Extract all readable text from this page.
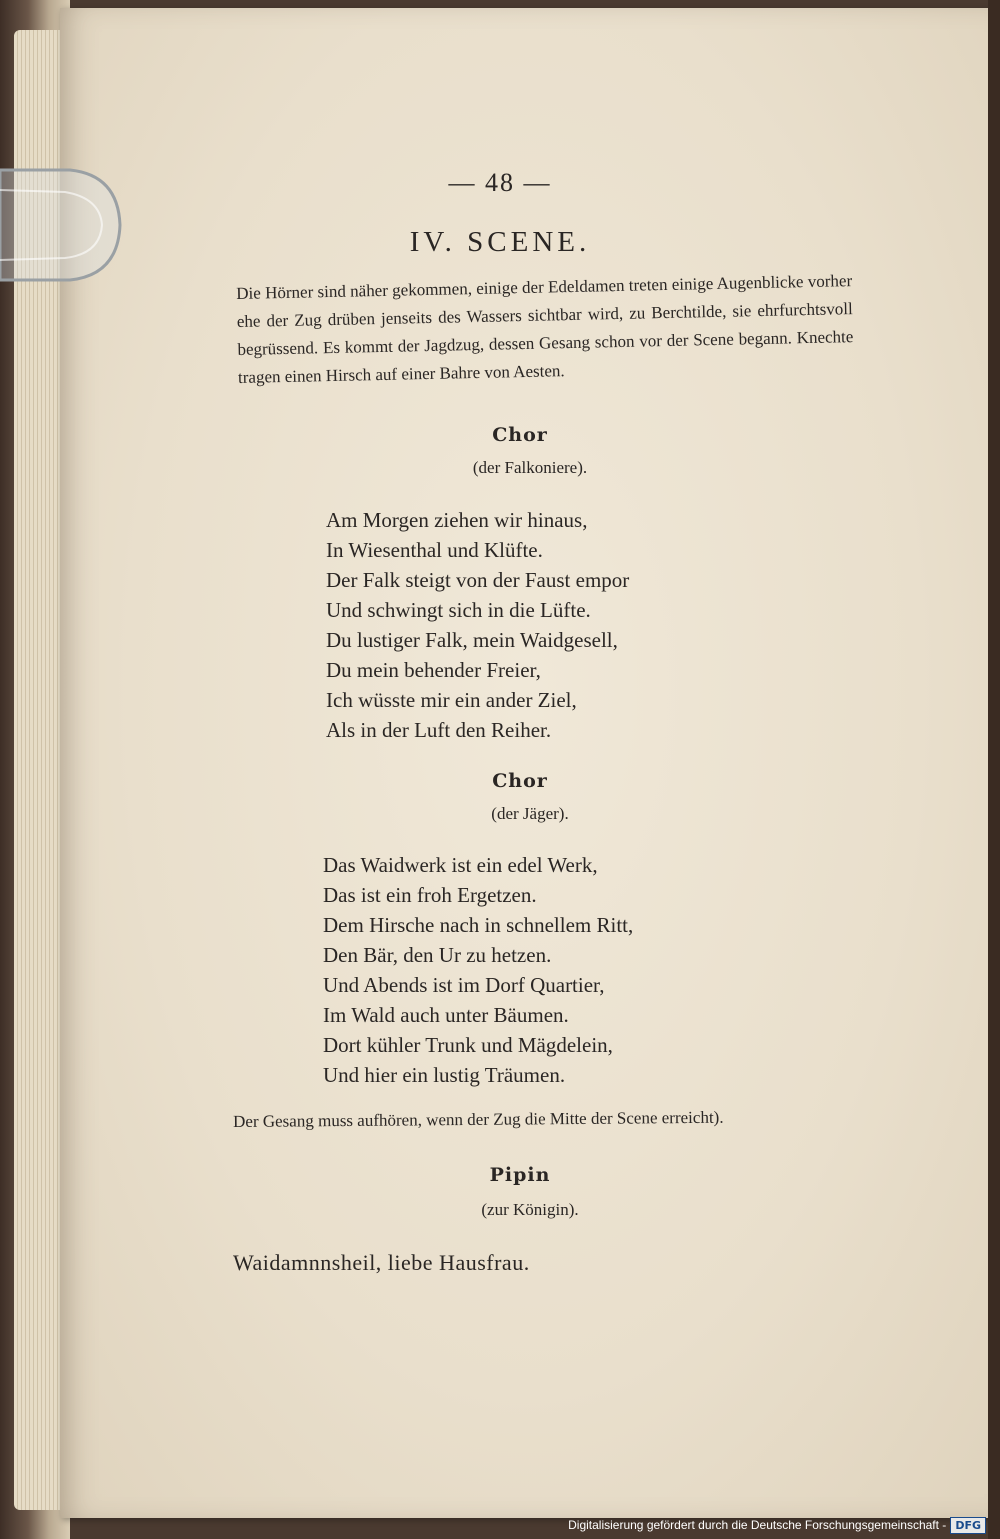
— 48 —
IV. SCENE.
Die Hörner sind näher gekommen, einige der Edeldamen treten einige Augenblicke vorher ehe der Zug drüben jenseits des Wassers sichtbar wird, zu Berchtilde, sie ehrfurchtsvoll begrüssend. Es kommt der Jagdzug, dessen Gesang schon vor der Scene begann. Knechte tragen einen Hirsch auf einer Bahre von Aesten.
Chor
(der Falkoniere).
Am Morgen ziehen wir hinaus,
In Wiesenthal und Klüfte.
Der Falk steigt von der Faust empor
Und schwingt sich in die Lüfte.
Du lustiger Falk, mein Waidgesell,
Du mein behender Freier,
Ich wüsste mir ein ander Ziel,
Als in der Luft den Reiher.
Chor
(der Jäger).
Das Waidwerk ist ein edel Werk,
Das ist ein froh Ergetzen.
Dem Hirsche nach in schnellem Ritt,
Den Bär, den Ur zu hetzen.
Und Abends ist im Dorf Quartier,
Im Wald auch unter Bäumen.
Dort kühler Trunk und Mägdelein,
Und hier ein lustig Träumen.
Der Gesang muss aufhören, wenn der Zug die Mitte der Scene erreicht).
Pipin
(zur Königin).
Waidamnnsheil, liebe Hausfrau.
Digitalisierung gefördert durch die Deutsche Forschungsgemeinschaft - DFG
